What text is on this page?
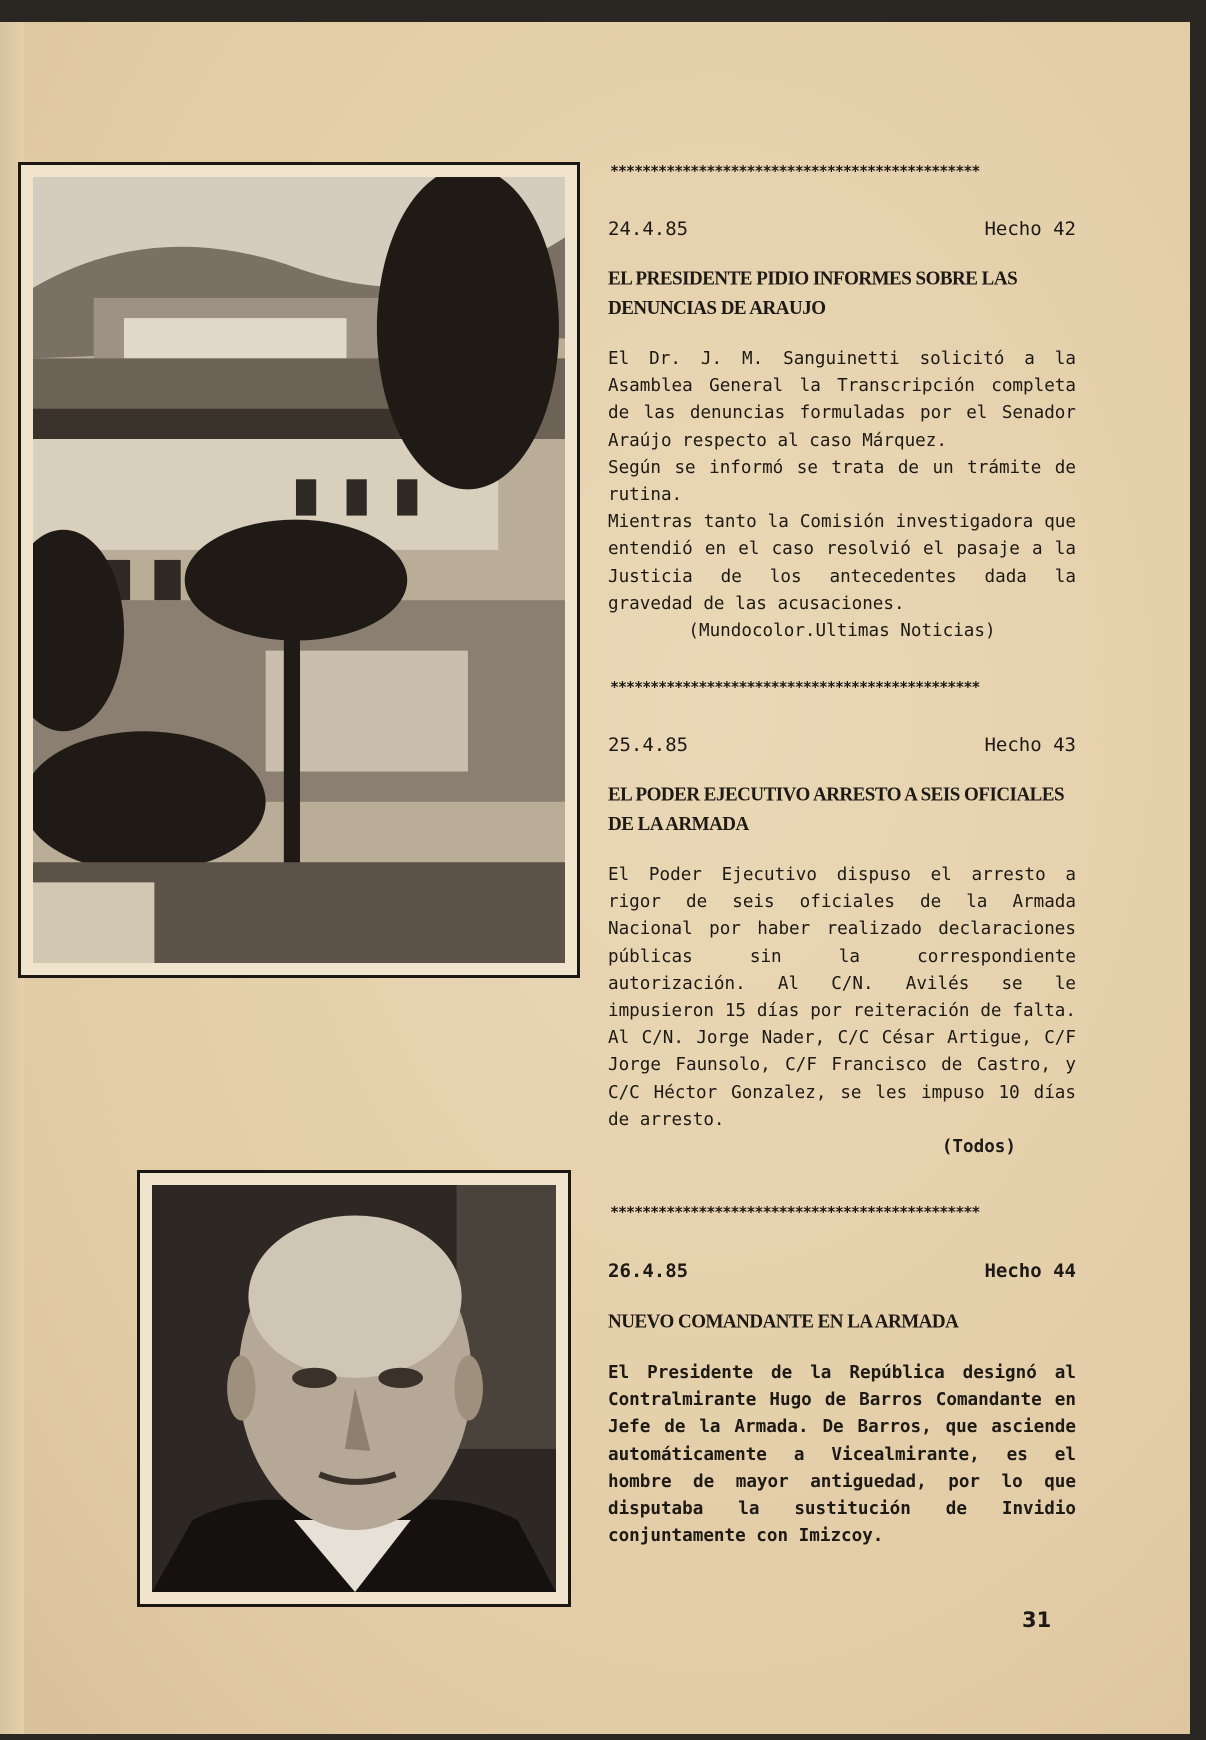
**********************************************
**********************************************
**********************************************
24.4.85	Hecho 42
EL PRESIDENTE PIDIO INFORMES SOBRE LAS DENUNCIAS DE ARAUJO

El Dr. J. M. Sanguinetti solicitó a la Asamblea General la Transcripción completa de las denuncias formuladas por el Senador Araújo respecto al caso Márquez.

Según se informó se trata de un trámite de rutina.

Mientras tanto la Comisión investigadora que entendió en el caso resolvió el pasaje a la Justicia de los antecedentes dada la gravedad de las acusaciones.

(Mundocolor.Ultimas Noticias)
25.4.85	Hecho 43
EL PODER EJECUTIVO ARRESTO A SEIS OFICIALES DE LA ARMADA

El Poder Ejecutivo dispuso el arresto a rigor de seis oficiales de la Armada Nacional por haber realizado declaraciones públicas sin la correspondiente autorización. Al C/N. Avilés se le impusieron 15 días por reiteración de falta. Al C/N. Jorge Nader, C/C César Artigue, C/F Jorge Faunsolo, C/F Francisco de Castro, y C/C Héctor Gonzalez, se les impuso 10 días de arresto.

(Todos)
26.4.85	Hecho 44
NUEVO COMANDANTE EN LA ARMADA

El Presidente de la República designó al Contralmirante Hugo de Barros Comandante en Jefe de la Armada. De Barros, que asciende automáticamente a Vicealmirante, es el hombre de mayor antiguedad, por lo que disputaba la sustitución de Invidio conjuntamente con Imizcoy.

31
